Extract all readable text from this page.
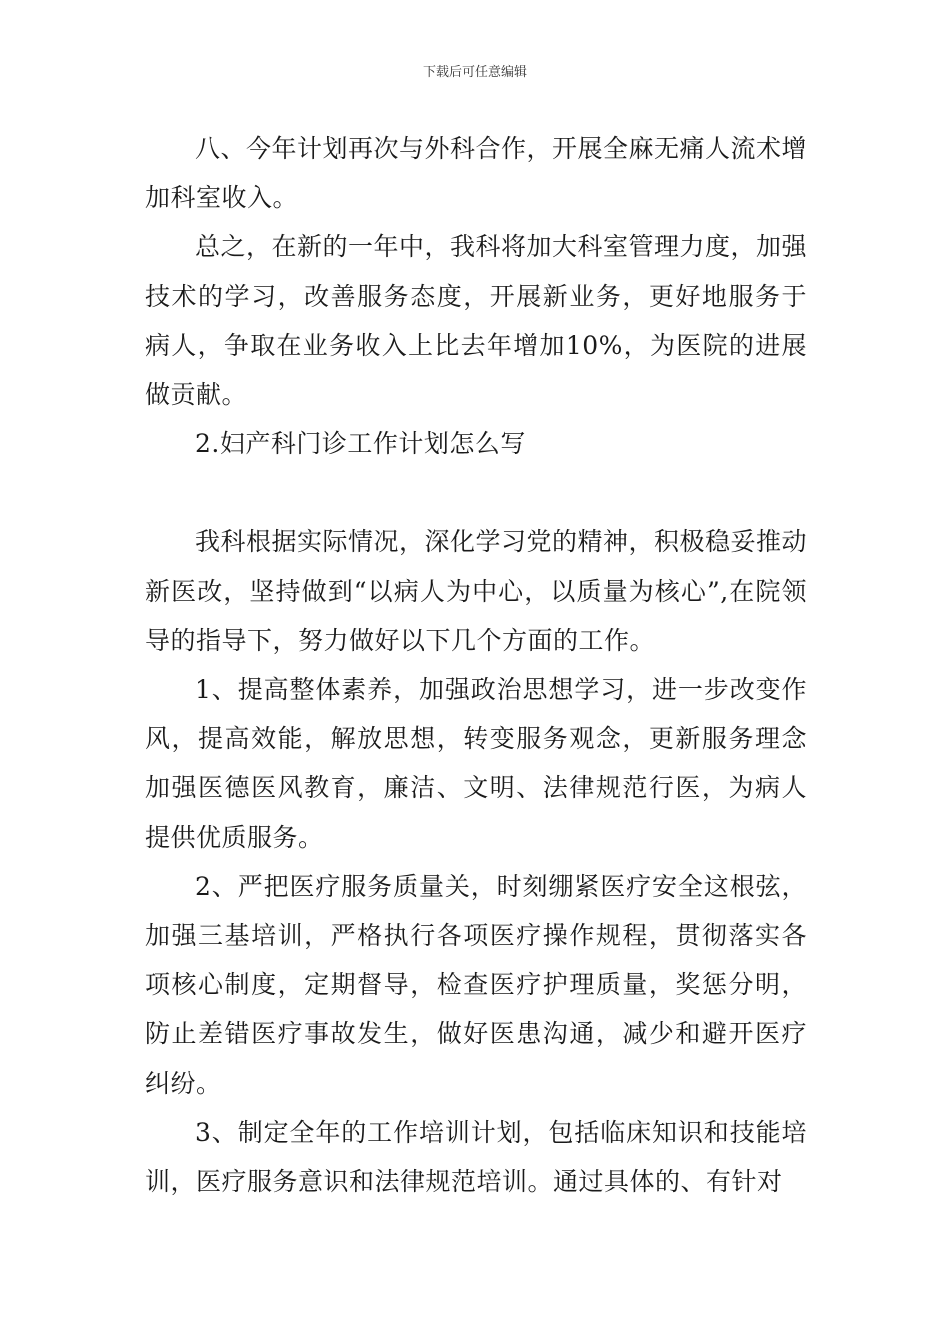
下载后可任意编辑

八、今年计划再次与外科合作，开展全麻无痛人流术增加科室收入。

总之，在新的一年中，我科将加大科室管理力度，加强技术的学习，改善服务态度，开展新业务，更好地服务于病人，争取在业务收入上比去年增加10%，为医院的进展做贡献。

2.妇产科门诊工作计划怎么写

我科根据实际情况，深化学习党的精神，积极稳妥推动新医改，坚持做到“以病人为中心，以质量为核心”,在院领导的指导下，努力做好以下几个方面的工作。

1、提高整体素养，加强政治思想学习，进一步改变作风，提高效能，解放思想，转变服务观念，更新服务理念加强医德医风教育，廉洁、文明、法律规范行医，为病人提供优质服务。

2、严把医疗服务质量关，时刻绷紧医疗安全这根弦，加强三基培训，严格执行各项医疗操作规程，贯彻落实各项核心制度，定期督导，检查医疗护理质量，奖惩分明，防止差错医疗事故发生，做好医患沟通，减少和避开医疗纠纷。

3、制定全年的工作培训计划，包括临床知识和技能培训，医疗服务意识和法律规范培训。通过具体的、有针对
